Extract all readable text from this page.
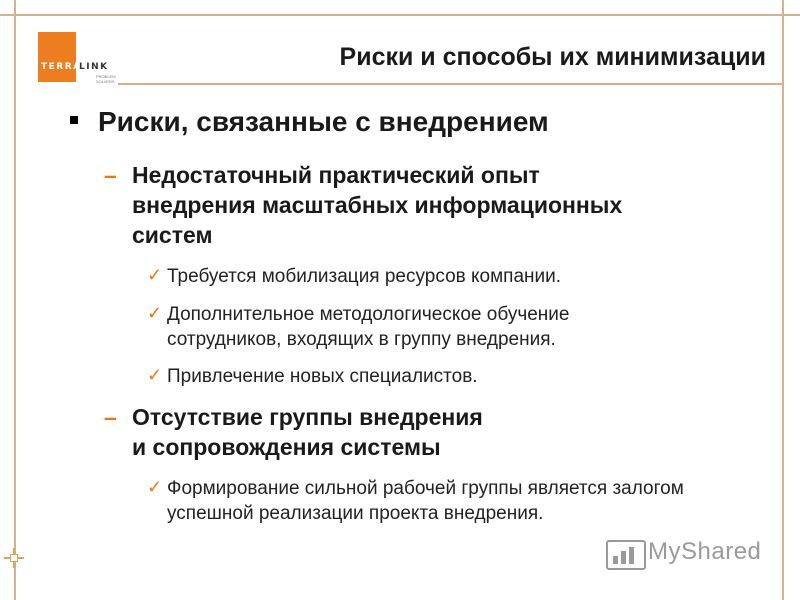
TERRA
LINK
PROBLEM SOLVERS
Риски и способы их минимизации
Риски, связанные с внедрением
– Недостаточный практический опыт
внедрения масштабных информационных
систем
✓ Требуется мобилизация ресурсов компании.
✓ Дополнительное методологическое обучение
сотрудников, входящих в группу внедрения.
✓ Привлечение новых специалистов.
– Отсутствие группы внедрения
и сопровождения системы
✓ Формирование сильной рабочей группы является залогом
успешной реализации проекта внедрения.
MyShared
